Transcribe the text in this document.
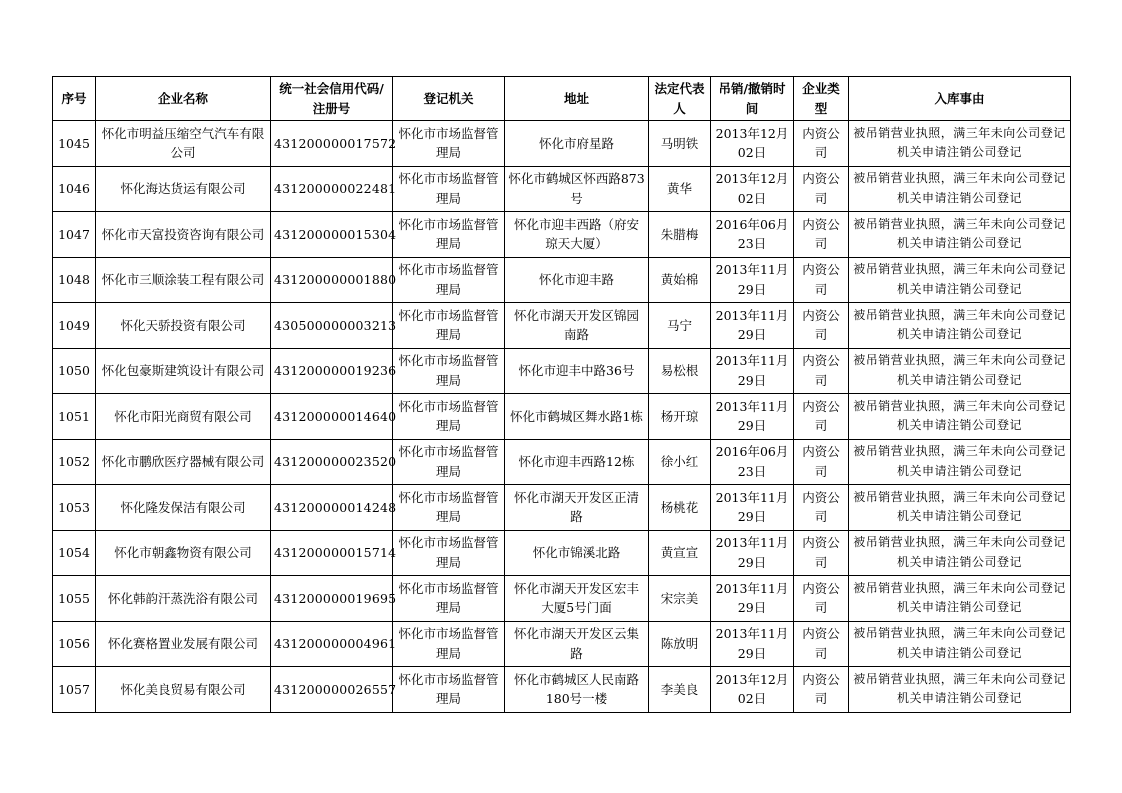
序号	企业名称	统一社会信用代码/注册号	登记机关	地址	法定代表人	吊销/撤销时间	企业类型	入库事由
1045	怀化市明益压缩空气汽车有限公司	431200000017572	怀化市市场监督管理局	怀化市府星路	马明铁	2013年12月02日	内资公司	被吊销营业执照，满三年未向公司登记机关申请注销公司登记
1046	怀化海达货运有限公司	431200000022481	怀化市市场监督管理局	怀化市鹤城区怀西路873号	黄华	2013年12月02日	内资公司	被吊销营业执照，满三年未向公司登记机关申请注销公司登记
1047	怀化市天富投资咨询有限公司	431200000015304	怀化市市场监督管理局	怀化市迎丰西路（府安琼天大厦）	朱腊梅	2016年06月23日	内资公司	被吊销营业执照，满三年未向公司登记机关申请注销公司登记
1048	怀化市三顺涂装工程有限公司	431200000001880	怀化市市场监督管理局	怀化市迎丰路	黄始棉	2013年11月29日	内资公司	被吊销营业执照，满三年未向公司登记机关申请注销公司登记
1049	怀化天骄投资有限公司	430500000003213	怀化市市场监督管理局	怀化市湖天开发区锦园南路	马宁	2013年11月29日	内资公司	被吊销营业执照，满三年未向公司登记机关申请注销公司登记
1050	怀化包豪斯建筑设计有限公司	431200000019236	怀化市市场监督管理局	怀化市迎丰中路36号	易松根	2013年11月29日	内资公司	被吊销营业执照，满三年未向公司登记机关申请注销公司登记
1051	怀化市阳光商贸有限公司	431200000014640	怀化市市场监督管理局	怀化市鹤城区舞水路1栋	杨开琼	2013年11月29日	内资公司	被吊销营业执照，满三年未向公司登记机关申请注销公司登记
1052	怀化市鹏欣医疗器械有限公司	431200000023520	怀化市市场监督管理局	怀化市迎丰西路12栋	徐小红	2016年06月23日	内资公司	被吊销营业执照，满三年未向公司登记机关申请注销公司登记
1053	怀化隆发保洁有限公司	431200000014248	怀化市市场监督管理局	怀化市湖天开发区正清路	杨桃花	2013年11月29日	内资公司	被吊销营业执照，满三年未向公司登记机关申请注销公司登记
1054	怀化市朝鑫物资有限公司	431200000015714	怀化市市场监督管理局	怀化市锦溪北路	黄宣宣	2013年11月29日	内资公司	被吊销营业执照，满三年未向公司登记机关申请注销公司登记
1055	怀化韩韵汗蒸洗浴有限公司	431200000019695	怀化市市场监督管理局	怀化市湖天开发区宏丰大厦5号门面	宋宗美	2013年11月29日	内资公司	被吊销营业执照，满三年未向公司登记机关申请注销公司登记
1056	怀化赛格置业发展有限公司	431200000004961	怀化市市场监督管理局	怀化市湖天开发区云集路	陈放明	2013年11月29日	内资公司	被吊销营业执照，满三年未向公司登记机关申请注销公司登记
1057	怀化美良贸易有限公司	431200000026557	怀化市市场监督管理局	怀化市鹤城区人民南路180号一楼	李美良	2013年12月02日	内资公司	被吊销营业执照，满三年未向公司登记机关申请注销公司登记
